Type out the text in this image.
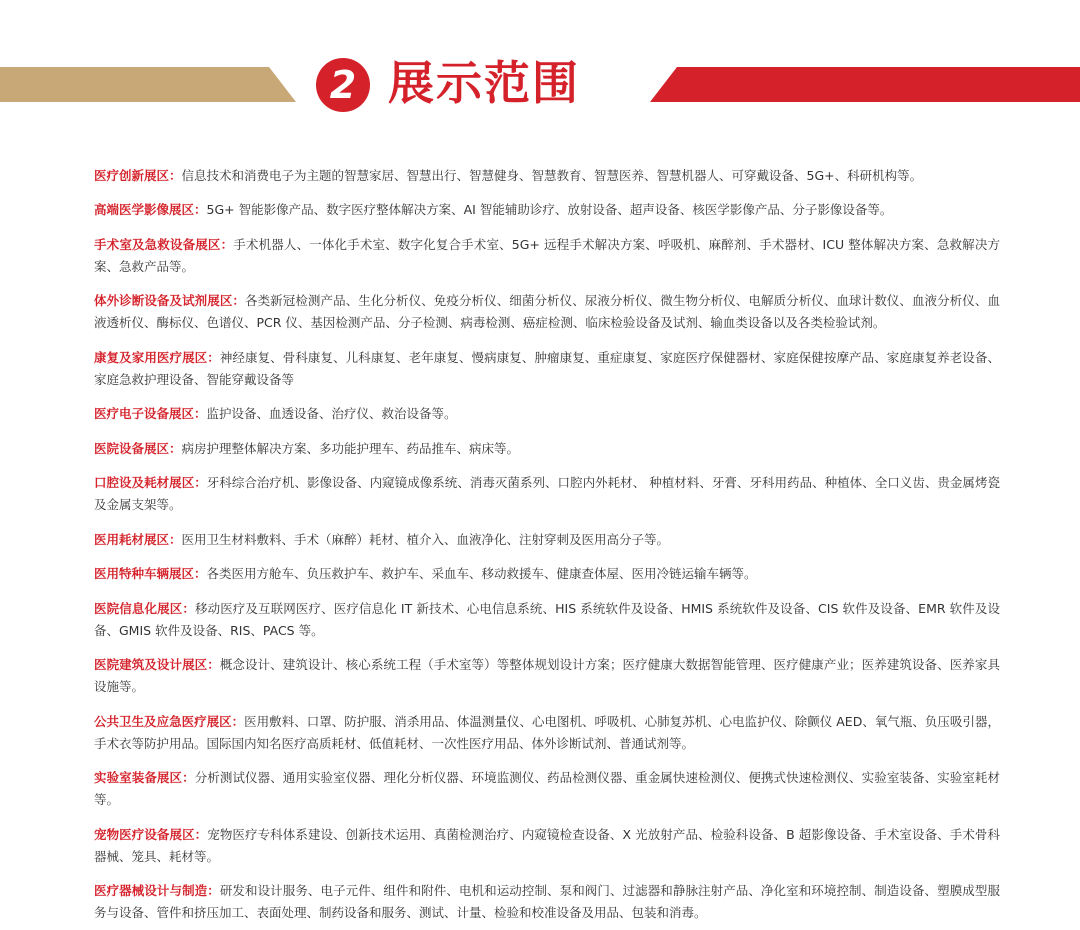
2 展示范围

医疗创新展区：信息技术和消费电子为主题的智慧家居、智慧出行、智慧健身、智慧教育、智慧医养、智慧机器人、可穿戴设备、5G+、科研机构等。

高端医学影像展区：5G+ 智能影像产品、数字医疗整体解决方案、AI 智能辅助诊疗、放射设备、超声设备、核医学影像产品、分子影像设备等。

手术室及急救设备展区：手术机器人、一体化手术室、数字化复合手术室、5G+ 远程手术解决方案、呼吸机、麻醉剂、手术器材、ICU 整体解决方案、急救解决方案、急救产品等。

体外诊断设备及试剂展区：各类新冠检测产品、生化分析仪、免疫分析仪、细菌分析仪、尿液分析仪、微生物分析仪、电解质分析仪、血球计数仪、血液分析仪、血液透析仪、酶标仪、色谱仪、PCR 仪、基因检测产品、分子检测、病毒检测、癌症检测、临床检验设备及试剂、输血类设备以及各类检验试剂。

康复及家用医疗展区：神经康复、骨科康复、儿科康复、老年康复、慢病康复、肿瘤康复、重症康复、家庭医疗保健器材、家庭保健按摩产品、家庭康复养老设备、家庭急救护理设备、智能穿戴设备等

医疗电子设备展区：监护设备、血透设备、治疗仪、救治设备等。

医院设备展区：病房护理整体解决方案、多功能护理车、药品推车、病床等。

口腔设及耗材展区：牙科综合治疗机、影像设备、内窥镜成像系统、消毒灭菌系列、口腔内外耗材、 种植材料、牙膏、牙科用药品、种植体、全口义齿、贵金属烤瓷及金属支架等。

医用耗材展区：医用卫生材料敷料、手术（麻醉）耗材、植介入、血液净化、注射穿刺及医用高分子等。

医用特种车辆展区：各类医用方舱车、负压救护车、救护车、采血车、移动救援车、健康查体屋、医用冷链运输车辆等。

医院信息化展区：移动医疗及互联网医疗、医疗信息化 IT 新技术、心电信息系统、HIS 系统软件及设备、HMIS 系统软件及设备、CIS 软件及设备、EMR 软件及设备、GMIS 软件及设备、RIS、PACS 等。

医院建筑及设计展区：概念设计、建筑设计、核心系统工程（手术室等）等整体规划设计方案；医疗健康大数据智能管理、医疗健康产业；医养建筑设备、医养家具设施等。

公共卫生及应急医疗展区：医用敷料、口罩、防护服、消杀用品、体温测量仪、心电图机、呼吸机、心肺复苏机、心电监护仪、除颤仪 AED、氧气瓶、负压吸引器，手术衣等防护用品。国际国内知名医疗高质耗材、低值耗材、一次性医疗用品、体外诊断试剂、普通试剂等。

实验室装备展区：分析测试仪器、通用实验室仪器、理化分析仪器、环境监测仪、药品检测仪器、重金属快速检测仪、便携式快速检测仪、实验室装备、实验室耗材等。

宠物医疗设备展区：宠物医疗专科体系建设、创新技术运用、真菌检测治疗、内窥镜检查设备、X 光放射产品、检验科设备、B 超影像设备、手术室设备、手术骨科器械、笼具、耗材等。

医疗器械设计与制造：研发和设计服务、电子元件、组件和附件、电机和运动控制、泵和阀门、过滤器和静脉注射产品、净化室和环境控制、制造设备、塑膜成型服务与设备、管件和挤压加工、表面处理、制药设备和服务、测试、计量、检验和校准设备及用品、包装和消毒。
